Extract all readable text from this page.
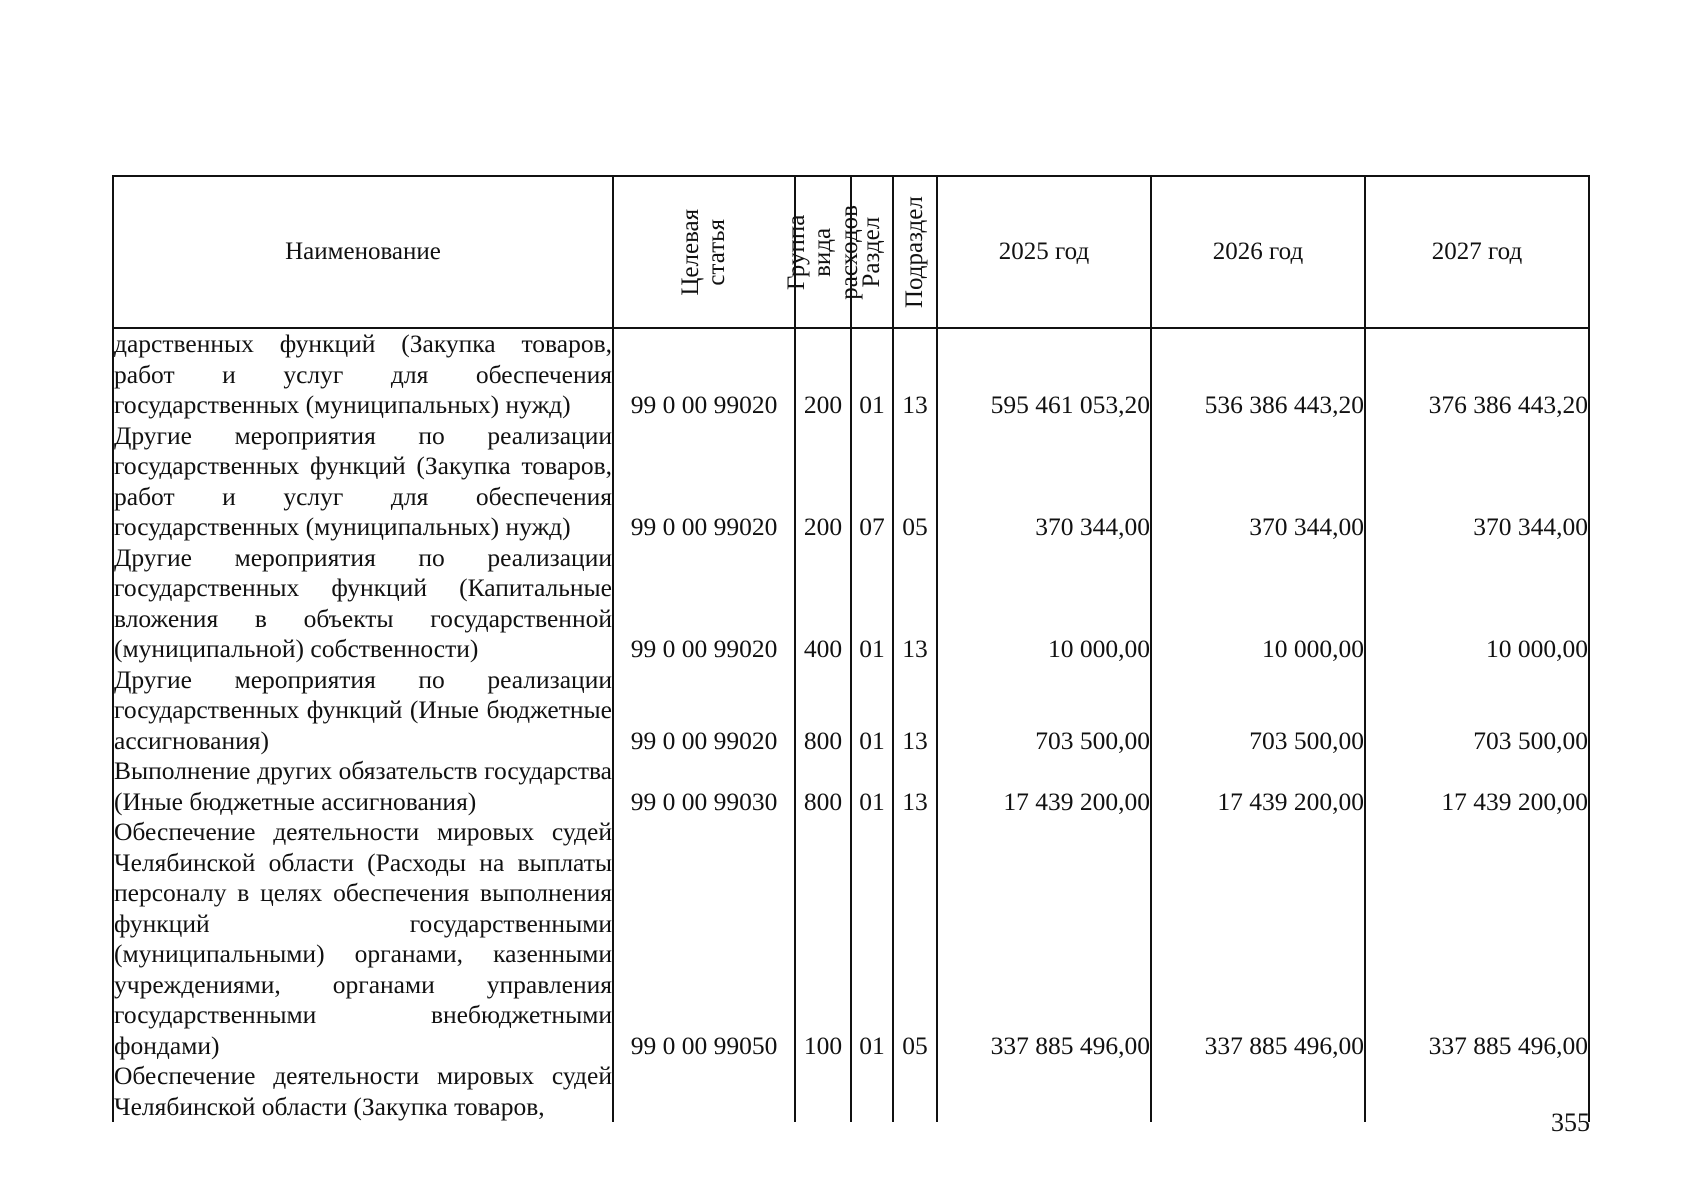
Наименование	Целевая статья	Группа вида расходов	Раздел	Подраздел	2025 год	2026 год	2027 год
дарственных функций (Закупка товаров, работ и услуг для обеспечения государственных (муниципальных) нужд)	99 0 00 99020	200	01	13	595 461 053,20	536 386 443,20	376 386 443,20
Другие мероприятия по реализации государственных функций (Закупка товаров, работ и услуг для обеспечения государственных (муниципальных) нужд)	99 0 00 99020	200	07	05	370 344,00	370 344,00	370 344,00
Другие мероприятия по реализации государственных функций (Капитальные вложения в объекты государственной (муниципальной) собственности)	99 0 00 99020	400	01	13	10 000,00	10 000,00	10 000,00
Другие мероприятия по реализации государственных функций (Иные бюджетные ассигнования)	99 0 00 99020	800	01	13	703 500,00	703 500,00	703 500,00
Выполнение других обязательств государства (Иные бюджетные ассигнования)	99 0 00 99030	800	01	13	17 439 200,00	17 439 200,00	17 439 200,00
Обеспечение деятельности мировых судей Челябинской области (Расходы на выплаты персоналу в целях обеспечения выполнения функций государственными (муниципальными) органами, казенными учреждениями, органами управления государственными внебюджетными фондами)	99 0 00 99050	100	01	05	337 885 496,00	337 885 496,00	337 885 496,00
Обеспечение деятельности мировых судей Челябинской области (Закупка товаров,							
355
